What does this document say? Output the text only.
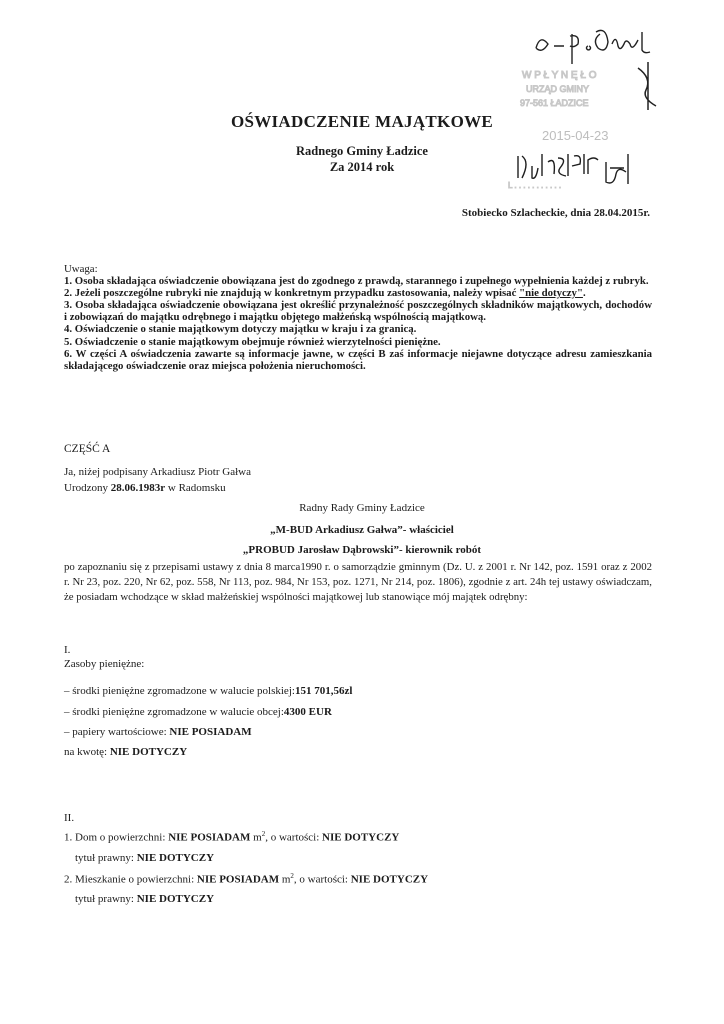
W P Ł Y N Ę Ł O
URZĄD GMINY
97-561 ŁADZICE
L . . . . . . . . . . .
2015-04-23
OŚWIADCZENIE MAJĄTKOWE
Radnego Gminy Ładzice
Za 2014 rok
Stobiecko Szlacheckie, dnia 28.04.2015r.
Uwaga:
1. Osoba składająca oświadczenie obowiązana jest do zgodnego z prawdą, starannego i zupełnego wypełnienia każdej z rubryk.
2. Jeżeli poszczególne rubryki nie znajdują w konkretnym przypadku zastosowania, należy wpisać "nie dotyczy".
3. Osoba składająca oświadczenie obowiązana jest określić przynależność poszczególnych składników majątkowych, dochodów i zobowiązań do majątku odrębnego i majątku objętego małżeńską wspólnością majątkową.
4. Oświadczenie o stanie majątkowym dotyczy majątku w kraju i za granicą.
5. Oświadczenie o stanie majątkowym obejmuje również wierzytelności pieniężne.
6. W części A oświadczenia zawarte są informacje jawne, w części B zaś informacje niejawne dotyczące adresu zamieszkania składającego oświadczenie oraz miejsca położenia nieruchomości.
CZĘŚĆ A
Ja, niżej podpisany Arkadiusz Piotr Gałwa
Urodzony 28.06.1983r w Radomsku
Radny Rady Gminy Ładzice
„M-BUD Arkadiusz Gałwa”- właściciel
„PROBUD Jarosław Dąbrowski”- kierownik robót
po zapoznaniu się z przepisami ustawy z dnia 8 marca1990 r. o samorządzie gminnym (Dz. U. z 2001 r. Nr 142, poz. 1591 oraz z 2002 r. Nr 23, poz. 220, Nr 62, poz. 558, Nr 113, poz. 984, Nr 153, poz. 1271, Nr 214, poz. 1806), zgodnie z art. 24h tej ustawy oświadczam, że posiadam wchodzące w skład małżeńskiej wspólności majątkowej lub stanowiące mój majątek odrębny:
I.
Zasoby pieniężne:
– środki pieniężne zgromadzone w walucie polskiej:151 701,56zl
– środki pieniężne zgromadzone w walucie obcej:4300 EUR
– papiery wartościowe: NIE POSIADAM
na kwotę: NIE DOTYCZY
II.
1. Dom o powierzchni: NIE POSIADAM $m^2$, o wartości: NIE DOTYCZY
tytuł prawny: NIE DOTYCZY
2. Mieszkanie o powierzchni: NIE POSIADAM $m^2$, o wartości: NIE DOTYCZY
tytuł prawny: NIE DOTYCZY
